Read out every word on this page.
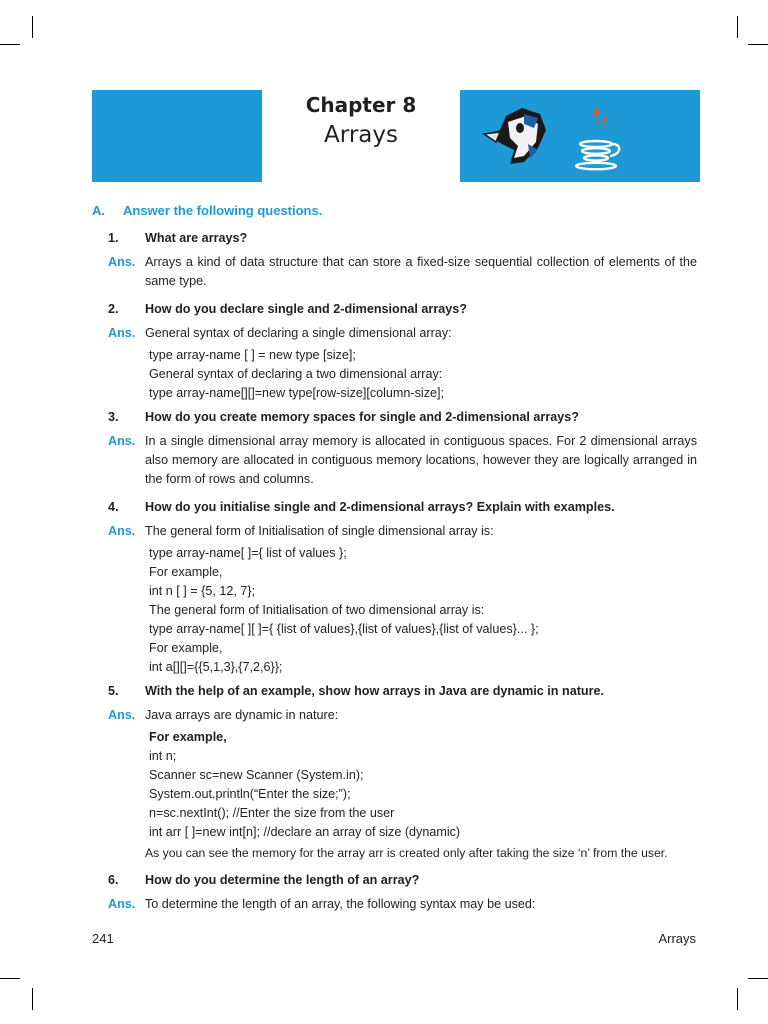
Chapter 8
Arrays
A. Answer the following questions.
1. What are arrays?
Ans. Arrays a kind of data structure that can store a fixed-size sequential collection of elements of the same type.
2. How do you declare single and 2-dimensional arrays?
Ans. General syntax of declaring a single dimensional array:
type array-name [ ] = new type [size];
General syntax of declaring a two dimensional array:
type array-name[][]=new type[row-size][column-size];
3. How do you create memory spaces for single and 2-dimensional arrays?
Ans. In a single dimensional array memory is allocated in contiguous spaces. For 2 dimensional arrays also memory are allocated in contiguous memory locations, however they are logically arranged in the form of rows and columns.
4. How do you initialise single and 2-dimensional arrays? Explain with examples.
Ans. The general form of Initialisation of single dimensional array is:
type array-name[ ]={ list of values };
For example,
int n [ ] = {5, 12, 7};
The general form of Initialisation of two dimensional array is:
type array-name[ ][ ]={ {list of values},{list of values},{list of values}... };
For example,
int a[][]={{5,1,3},{7,2,6}};
5. With the help of an example, show how arrays in Java are dynamic in nature.
Ans. Java arrays are dynamic in nature:
For example,
int n;
Scanner sc=new Scanner (System.in);
System.out.println(“Enter the size;”);
n=sc.nextInt(); //Enter the size from the user
int arr [ ]=new int[n]; //declare an array of size (dynamic)
As you can see the memory for the array arr is created only after taking the size ‘n’ from the user.
6. How do you determine the length of an array?
Ans. To determine the length of an array, the following syntax may be used:
241	Arrays
